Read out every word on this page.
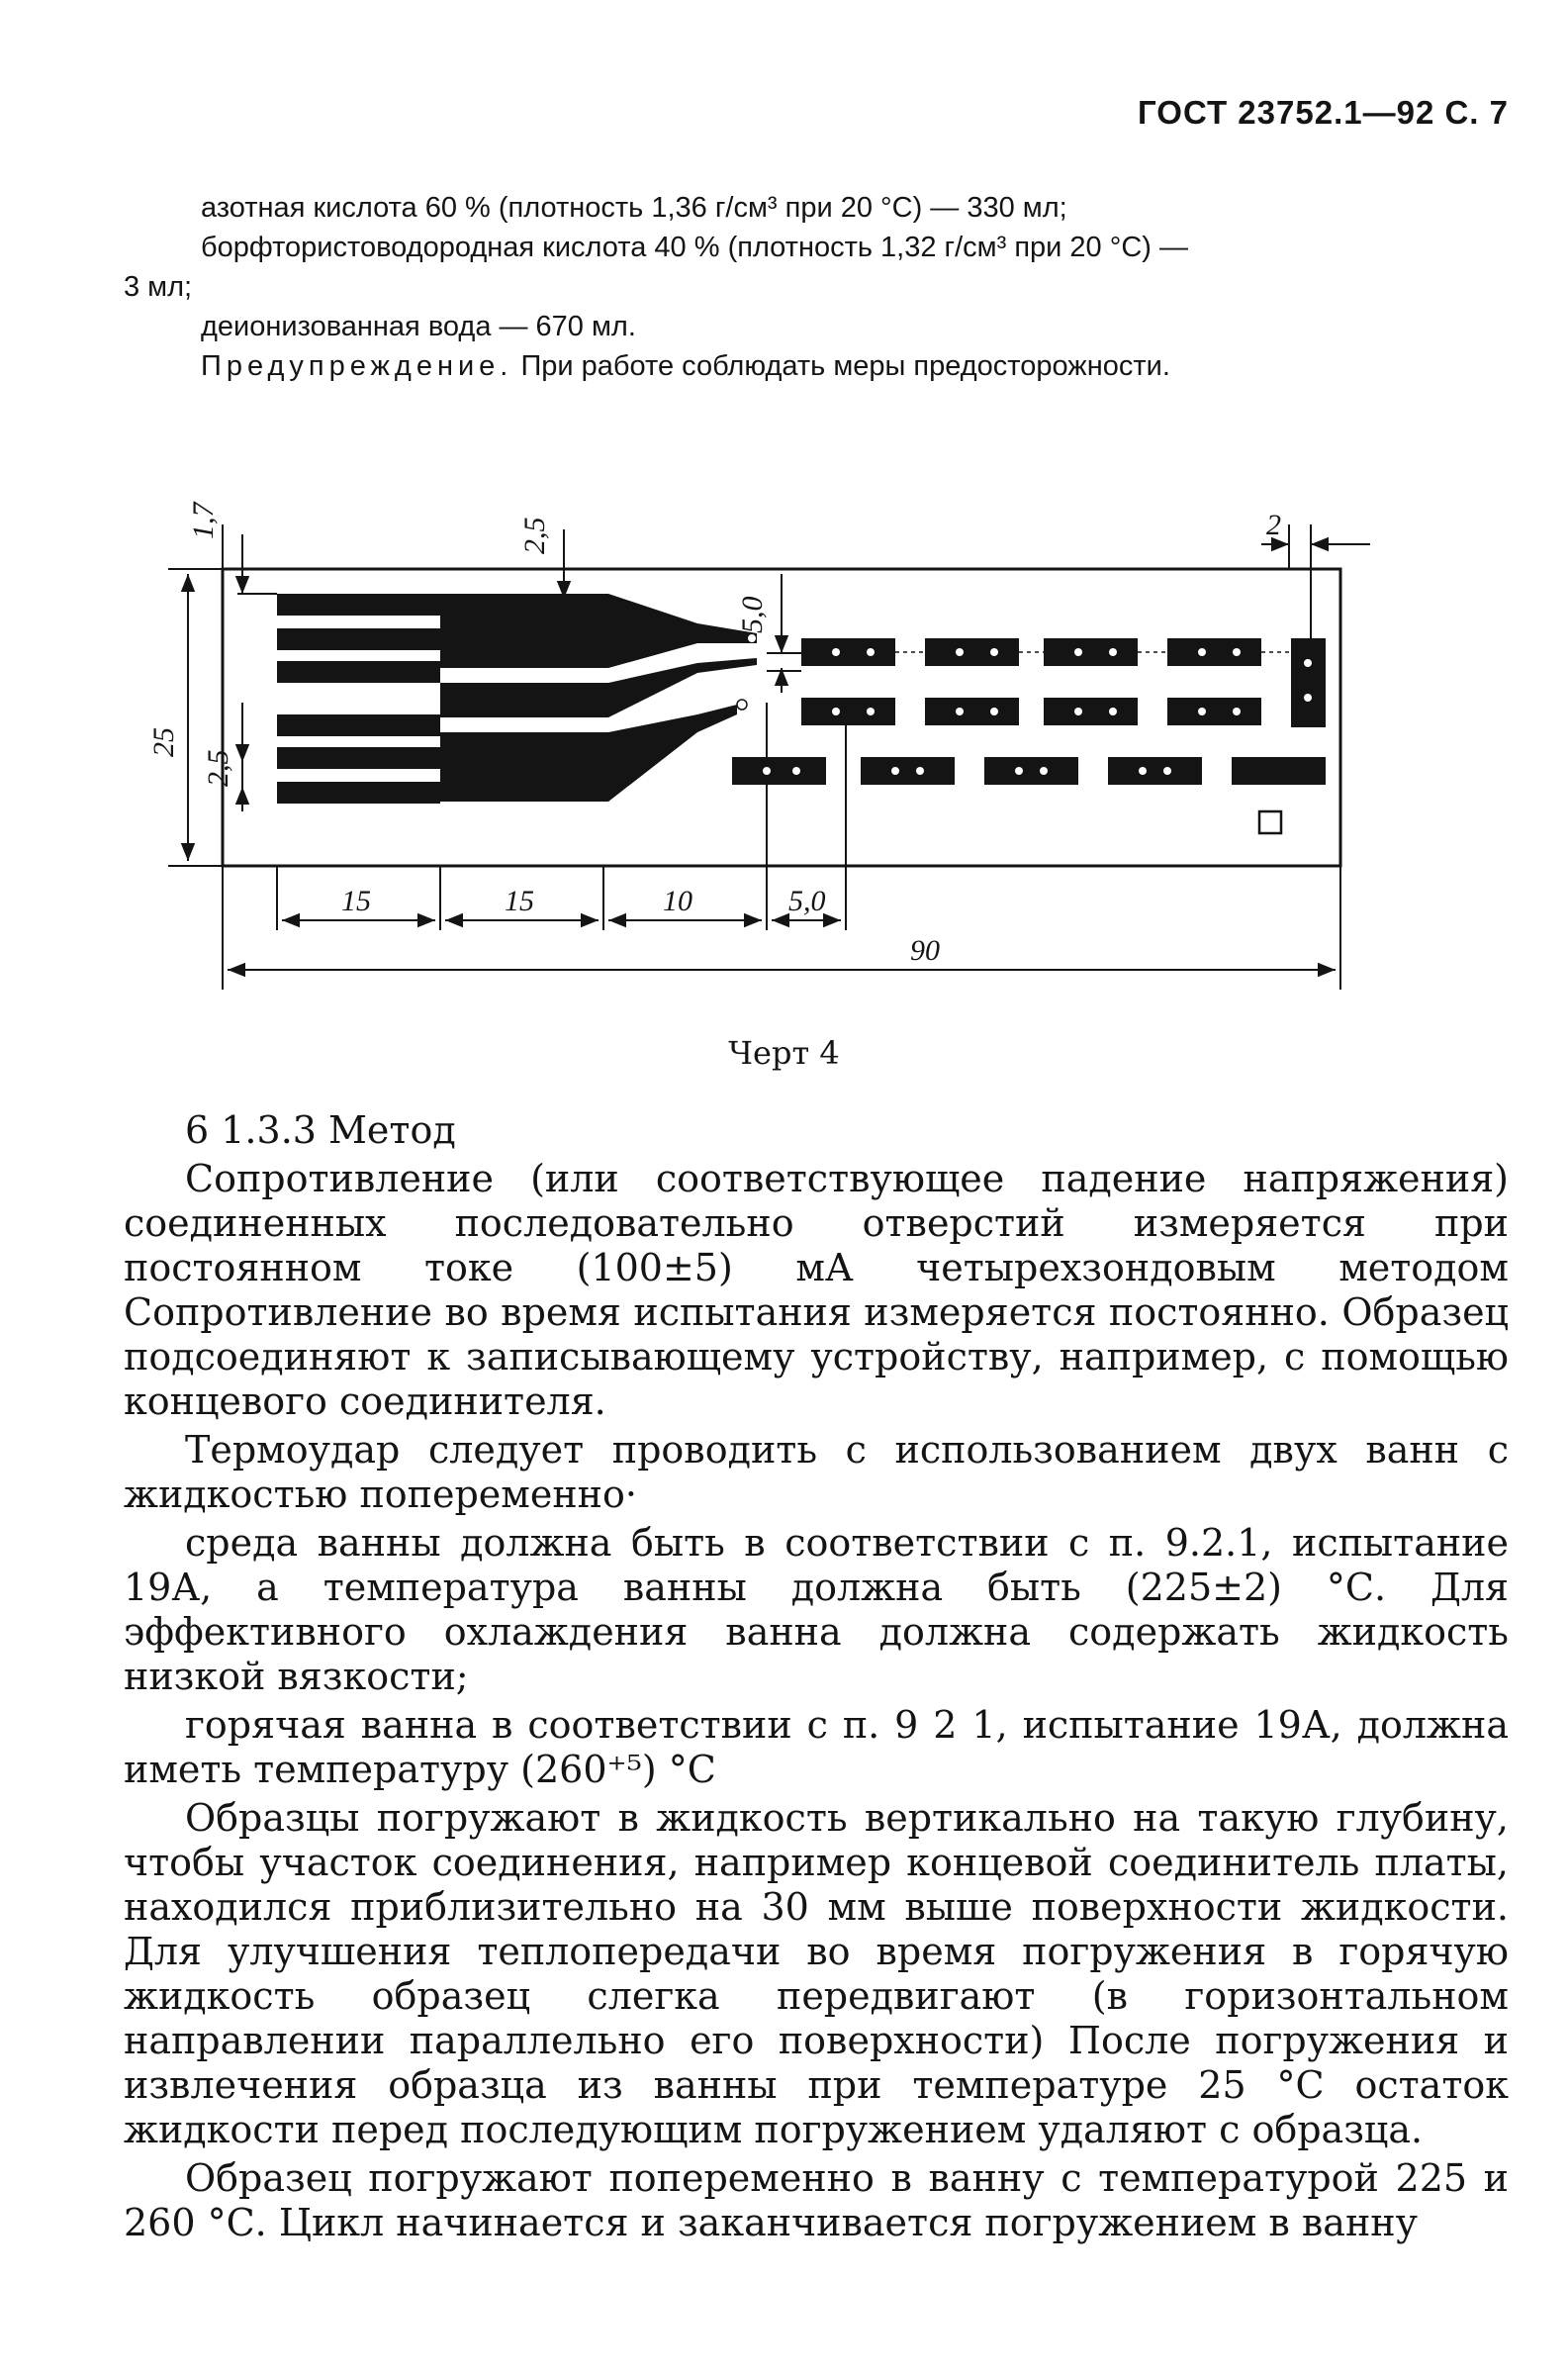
ГОСТ 23752.1—92 С. 7

азотная кислота 60 % (плотность 1,36 г/см³ при 20 °С) — 330 мл;

борфтористоводородная кислота 40 % (плотность 1,32 г/см³ при 20 °С) —

3 мл;

деионизованная вода — 670 мл.

Предупреждение. При работе соблюдать меры предосторожности.

1,7	2,5	2
5,0
25
2,5
15	15	10	5,0
90
Черт 4

6 1.3.3 Метод

Сопротивление (или соответствующее падение напряжения) соединенных последовательно отверстий измеряется при постоянном токе (100±5) мА четырехзондовым методом Сопротивление во время испытания измеряется постоянно. Образец подсоединяют к записывающему устройству, например, с помощью концевого соединителя.

Термоудар следует проводить с использованием двух ванн с жидкостью попеременно·

среда ванны должна быть в соответствии с п. 9.2.1, испытание 19А, а температура ванны должна быть (225±2) °С. Для эффективного охлаждения ванна должна содержать жидкость низкой вязкости;

горячая ванна в соответствии с п. 9 2 1, испытание 19А, должна иметь температуру (260⁺⁵) °С

Образцы погружают в жидкость вертикально на такую глубину, чтобы участок соединения, например концевой соединитель платы, находился приблизительно на 30 мм выше поверхности жидкости. Для улучшения теплопередачи во время погружения в горячую жидкость образец слегка передвигают (в горизонтальном направлении параллельно его поверхности) После погружения и извлечения образца из ванны при температуре 25 °С остаток жидкости перед последующим погружением удаляют с образца.

Образец погружают попеременно в ванну с температурой 225 и 260 °С. Цикл начинается и заканчивается погружением в ванну
